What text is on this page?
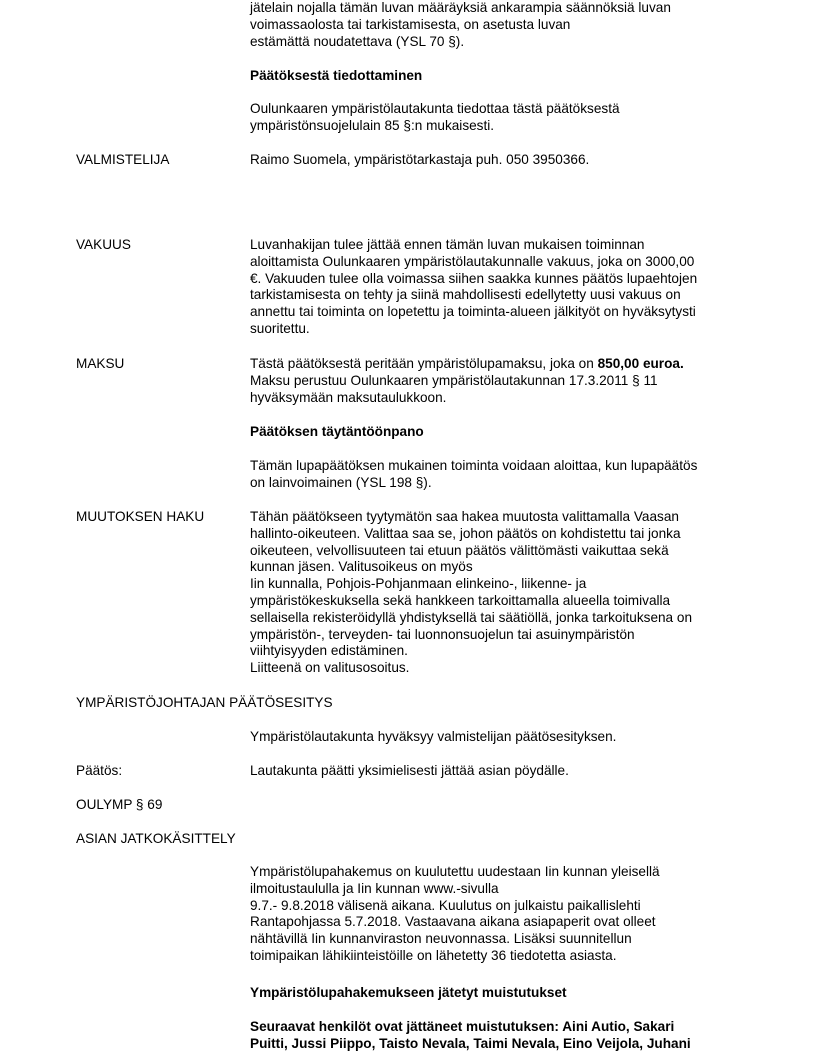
jätelain nojalla tämän luvan määräyksiä ankarampia säännöksiä luvan
voimassaolosta tai tarkistamisesta, on asetusta luvan
estämättä noudatettava (YSL 70 §).
Päätöksestä tiedottaminen
Oulunkaaren ympäristölautakunta tiedottaa tästä päätöksestä
ympäristönsuojelulain 85 §:n mukaisesti.
VALMISTELIJA	Raimo Suomela, ympäristötarkastaja puh. 050 3950366.
VAKUUS	Luvanhakijan tulee jättää ennen tämän luvan mukaisen toiminnan
aloittamista Oulunkaaren ympäristölautakunnalle vakuus, joka on 3000,00
€. Vakuuden tulee olla voimassa siihen saakka kunnes päätös lupaehtojen
tarkistamisesta on tehty ja siinä mahdollisesti edellytetty uusi vakuus on
annettu tai toiminta on lopetettu ja toiminta-alueen jälkityöt on hyväksytysti
suoritettu.
MAKSU	Tästä päätöksestä peritään ympäristölupamaksu, joka on 850,00 euroa.
Maksu perustuu Oulunkaaren ympäristölautakunnan 17.3.2011 § 11
hyväksymään maksutaulukkoon.
Päätöksen täytäntöönpano
Tämän lupapäätöksen mukainen toiminta voidaan aloittaa, kun lupapäätös
on lainvoimainen (YSL 198 §).
MUUTOKSEN HAKU	Tähän päätökseen tyytymätön saa hakea muutosta valittamalla Vaasan
hallinto-oikeuteen. Valittaa saa se, johon päätös on kohdistettu tai jonka
oikeuteen, velvollisuuteen tai etuun päätös välittömästi vaikuttaa sekä
kunnan jäsen. Valitusoikeus on myös
Iin kunnalla, Pohjois-Pohjanmaan elinkeino-, liikenne- ja
ympäristökeskuksella sekä hankkeen tarkoittamalla alueella toimivalla
sellaisella rekisteröidyllä yhdistyksellä tai säätiöllä, jonka tarkoituksena on
ympäristön-, terveyden- tai luonnonsuojelun tai asuinympäristön
viihtyisyyden edistäminen.
Liitteenä on valitusosoitus.
YMPÄRISTÖJOHTAJAN PÄÄTÖSESITYS
Ympäristölautakunta hyväksyy valmistelijan päätösesityksen.
Päätös:	Lautakunta päätti yksimielisesti jättää asian pöydälle.
OULYMP § 69
ASIAN JATKOKÄSITTELY
Ympäristölupahakemus on kuulutettu uudestaan Iin kunnan yleisellä
ilmoitustaululla ja Iin kunnan www.-sivulla
9.7.- 9.8.2018 välisenä aikana. Kuulutus on julkaistu paikallislehti
Rantapohjassa 5.7.2018. Vastaavana aikana asiapaperit ovat olleet
nähtävillä Iin kunnanviraston neuvonnassa. Lisäksi suunnitellun
toimipaikan lähikiinteistöille on lähetetty 36 tiedotetta asiasta.
Ympäristölupahakemukseen jätetyt muistutukset
Seuraavat henkilöt ovat jättäneet muistutuksen: Aini Autio, Sakari
Puitti, Jussi Piippo, Taisto Nevala, Taimi Nevala, Eino Veijola, Juhani
